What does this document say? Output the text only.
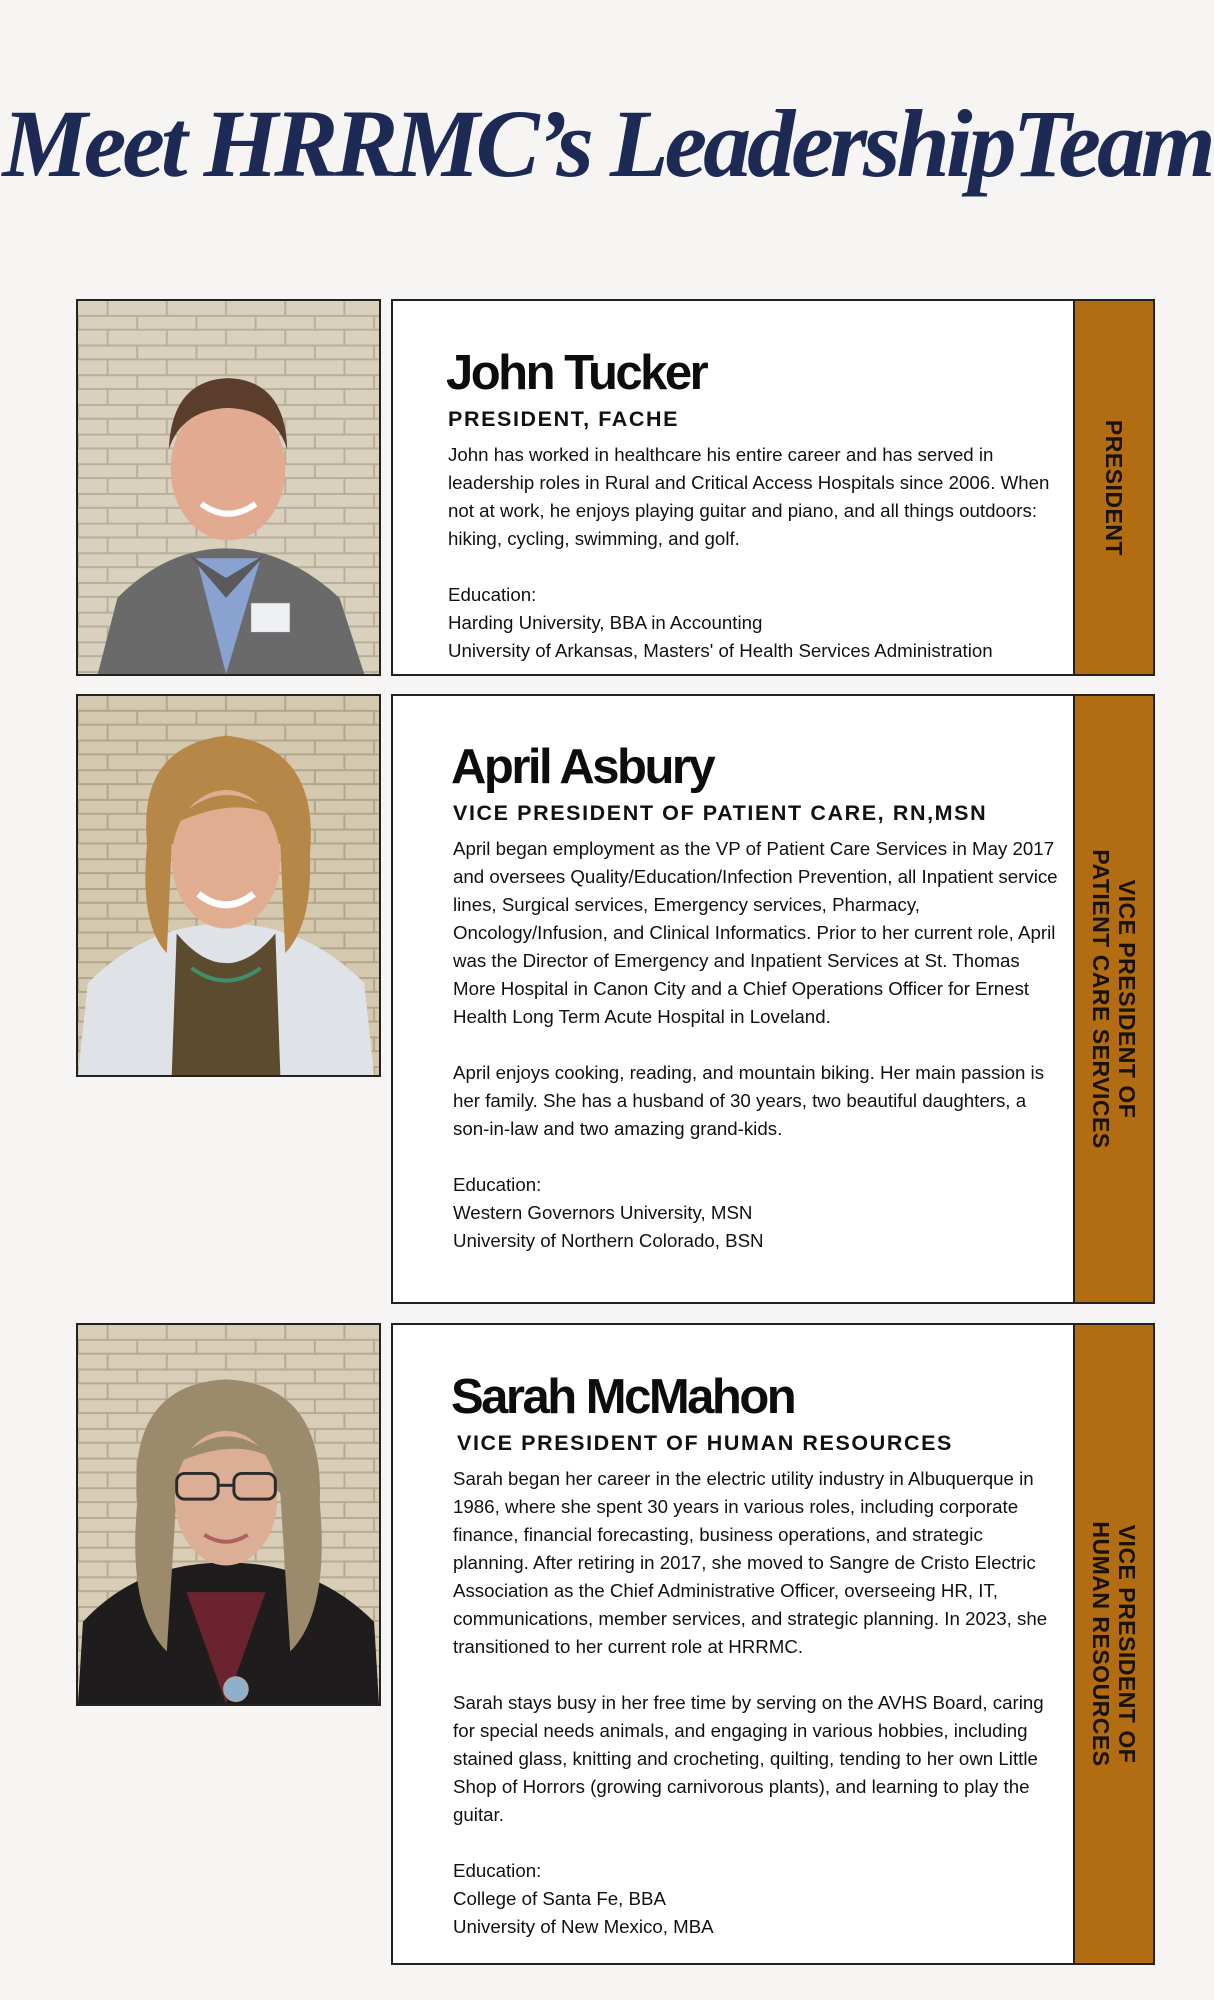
Meet HRRMC’s LeadershipTeam
John Tucker
PRESIDENT, FACHE

John has worked in healthcare his entire career and has served in leadership roles in Rural and Critical Access Hospitals since 2006. When not at work, he enjoys playing guitar and piano, and all things outdoors: hiking, cycling, swimming, and golf.

Education:
Harding University, BBA in Accounting
University of Arkansas, Masters' of Health Services Administration

PRESIDENT
April Asbury
VICE PRESIDENT OF PATIENT CARE, RN,MSN

April began employment as the VP of Patient Care Services in May 2017 and oversees Quality/Education/Infection Prevention, all Inpatient service lines, Surgical services, Emergency services, Pharmacy, Oncology/Infusion, and Clinical Informatics. Prior to her current role, April was the Director of Emergency and Inpatient Services at St. Thomas More Hospital in Canon City and a Chief Operations Officer for Ernest Health Long Term Acute Hospital in Loveland.

April enjoys cooking, reading, and mountain biking. Her main passion is her family. She has a husband of 30 years, two beautiful daughters, a son-in-law and two amazing grand-kids.

Education:
Western Governors University, MSN
University of Northern Colorado, BSN

VICE PRESIDENT OF
PATIENT CARE SERVICES
Sarah McMahon
VICE PRESIDENT OF HUMAN RESOURCES

Sarah began her career in the electric utility industry in Albuquerque in 1986, where she spent 30 years in various roles, including corporate finance, financial forecasting, business operations, and strategic planning. After retiring in 2017, she moved to Sangre de Cristo Electric Association as the Chief Administrative Officer, overseeing HR, IT, communications, member services, and strategic planning. In 2023, she transitioned to her current role at HRRMC.

Sarah stays busy in her free time by serving on the AVHS Board, caring for special needs animals, and engaging in various hobbies, including stained glass, knitting and crocheting, quilting, tending to her own Little Shop of Horrors (growing carnivorous plants), and learning to play the guitar.

Education:
College of Santa Fe, BBA
University of New Mexico, MBA

VICE PRESIDENT OF
HUMAN RESOURCES
